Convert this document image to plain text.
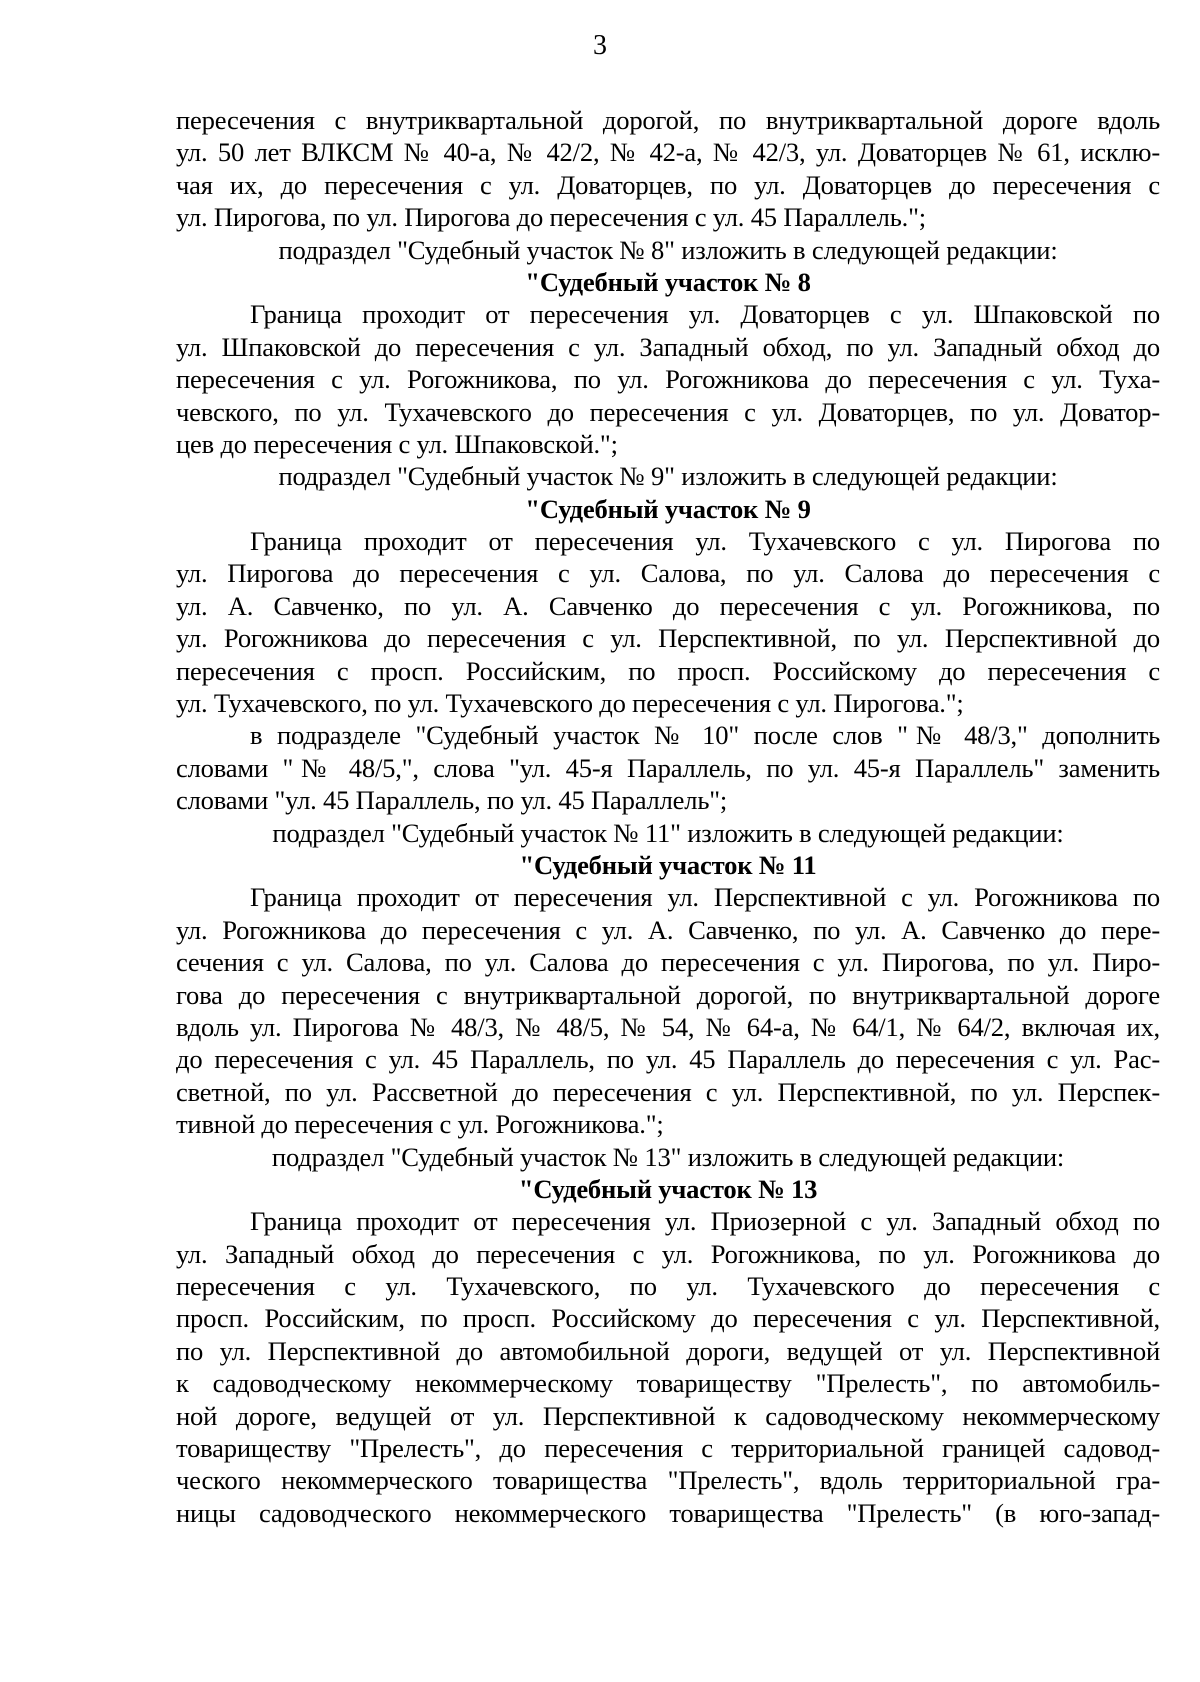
3
пересечения с внутриквартальной дорогой, по внутриквартальной дороге вдоль
ул. 50 лет ВЛКСМ № 40-а, № 42/2, № 42-а, № 42/3, ул. Доваторцев № 61, исклю-
чая их, до пересечения с ул. Доваторцев, по ул. Доваторцев до пересечения с
ул. Пирогова, по ул. Пирогова до пересечения с ул. 45 Параллель.";
подраздел "Судебный участок № 8" изложить в следующей редакции:
"Судебный участок № 8
Граница проходит от пересечения ул. Доваторцев с ул. Шпаковской по
ул. Шпаковской до пересечения с ул. Западный обход, по ул. Западный обход до
пересечения с ул. Рогожникова, по ул. Рогожникова до пересечения с ул. Туха-
чевского, по ул. Тухачевского до пересечения с ул. Доваторцев, по ул. Доватор-
цев до пересечения с ул. Шпаковской.";
подраздел "Судебный участок № 9" изложить в следующей редакции:
"Судебный участок № 9
Граница проходит от пересечения ул. Тухачевского с ул. Пирогова по
ул. Пирогова до пересечения с ул. Салова, по ул. Салова до пересечения с
ул. А. Савченко, по ул. А. Савченко до пересечения с ул. Рогожникова, по
ул. Рогожникова до пересечения с ул. Перспективной, по ул. Перспективной до
пересечения с просп. Российским, по просп. Российскому до пересечения с
ул. Тухачевского, по ул. Тухачевского до пересечения с ул. Пирогова.";
в подразделе "Судебный участок № 10" после слов "№ 48/3," дополнить
словами "№ 48/5,", слова "ул. 45-я Параллель, по ул. 45-я Параллель" заменить
словами "ул. 45 Параллель, по ул. 45 Параллель";
подраздел "Судебный участок № 11" изложить в следующей редакции:
"Судебный участок № 11
Граница проходит от пересечения ул. Перспективной с ул. Рогожникова по
ул. Рогожникова до пересечения с ул. А. Савченко, по ул. А. Савченко до пере-
сечения с ул. Салова, по ул. Салова до пересечения с ул. Пирогова, по ул. Пиро-
гова до пересечения с внутриквартальной дорогой, по внутриквартальной дороге
вдоль ул. Пирогова № 48/3, № 48/5, № 54, № 64-а, № 64/1, № 64/2, включая их,
до пересечения с ул. 45 Параллель, по ул. 45 Параллель до пересечения с ул. Рас-
светной, по ул. Рассветной до пересечения с ул. Перспективной, по ул. Перспек-
тивной до пересечения с ул. Рогожникова.";
подраздел "Судебный участок № 13" изложить в следующей редакции:
"Судебный участок № 13
Граница проходит от пересечения ул. Приозерной с ул. Западный обход по
ул. Западный обход до пересечения с ул. Рогожникова, по ул. Рогожникова до
пересечения с ул. Тухачевского, по ул. Тухачевского до пересечения с
просп. Российским, по просп. Российскому до пересечения с ул. Перспективной,
по ул. Перспективной до автомобильной дороги, ведущей от ул. Перспективной
к садоводческому некоммерческому товариществу "Прелесть", по автомобиль-
ной дороге, ведущей от ул. Перспективной к садоводческому некоммерческому
товариществу "Прелесть", до пересечения с территориальной границей садовод-
ческого некоммерческого товарищества "Прелесть", вдоль территориальной гра-
ницы садоводческого некоммерческого товарищества "Прелесть" (в юго-запад-
